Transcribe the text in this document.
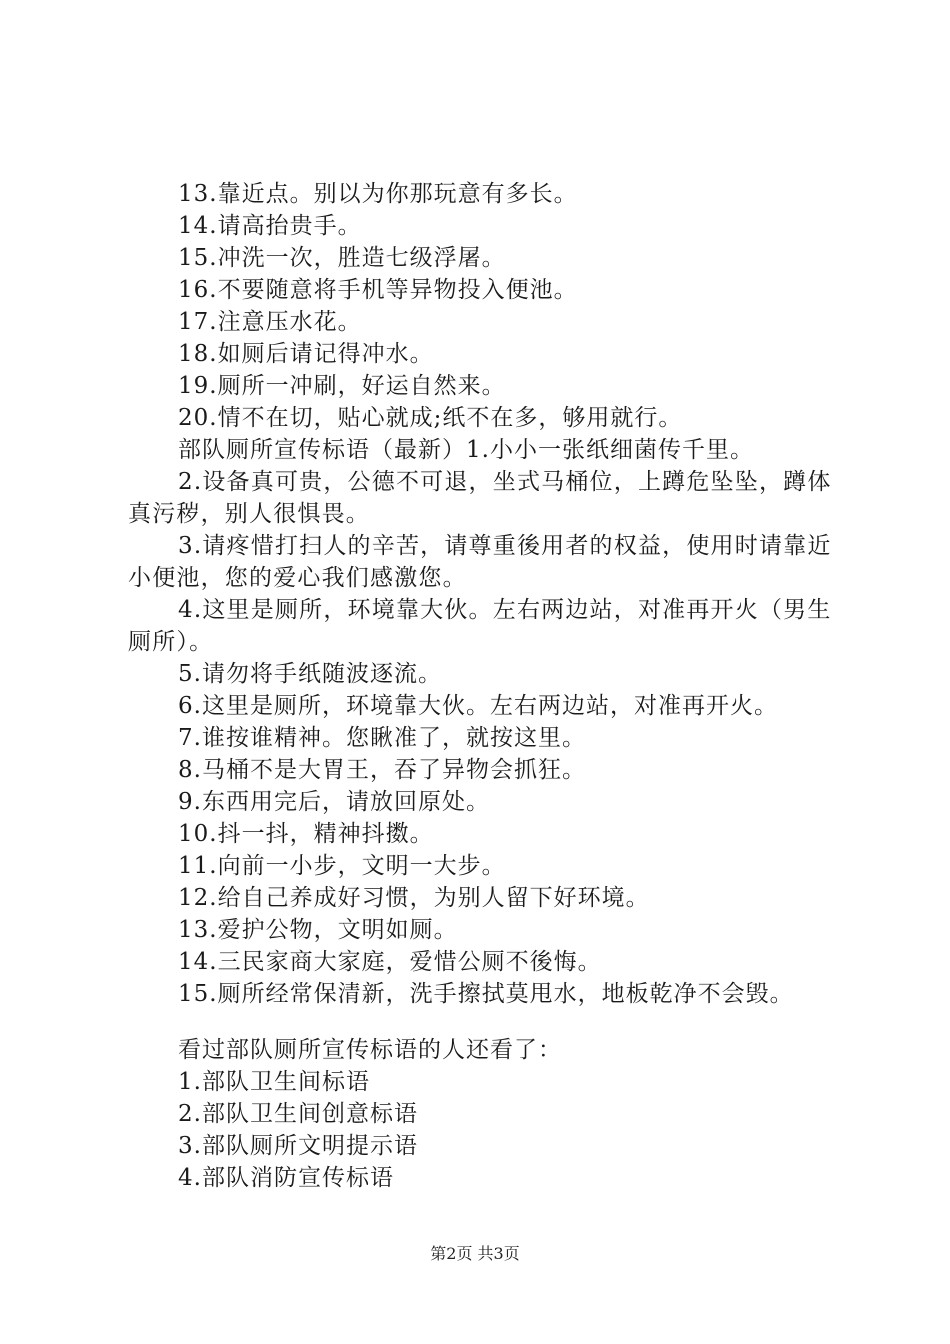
13.靠近点。别以为你那玩意有多长。
14.请高抬贵手。
15.冲洗一次，胜造七级浮屠。
16.不要随意将手机等异物投入便池。
17.注意压水花。
18.如厕后请记得冲水。
19.厕所一冲刷，好运自然来。
20.情不在切，贴心就成;纸不在多，够用就行。
部队厕所宣传标语（最新）1.小小一张纸细菌传千里。
2.设备真可贵，公德不可退，坐式马桶位，上蹲危坠坠，蹲体真污秽，别人很惧畏。
3.请疼惜打扫人的辛苦，请尊重後用者的权益，使用时请靠近小便池，您的爱心我们感激您。
4.这里是厕所，环境靠大伙。左右两边站，对准再开火（男生厕所）。
5.请勿将手纸随波逐流。
6.这里是厕所，环境靠大伙。左右两边站，对准再开火。
7.谁按谁精神。您瞅准了，就按这里。
8.马桶不是大胃王，吞了异物会抓狂。
9.东西用完后，请放回原处。
10.抖一抖，精神抖擞。
11.向前一小步，文明一大步。
12.给自己养成好习惯，为别人留下好环境。
13.爱护公物，文明如厕。
14.三民家商大家庭，爱惜公厕不後悔。
15.厕所经常保清新，洗手擦拭莫甩水，地板乾净不会毁。
看过部队厕所宣传标语的人还看了：
1.部队卫生间标语
2.部队卫生间创意标语
3.部队厕所文明提示语
4.部队消防宣传标语
第2页 共3页
